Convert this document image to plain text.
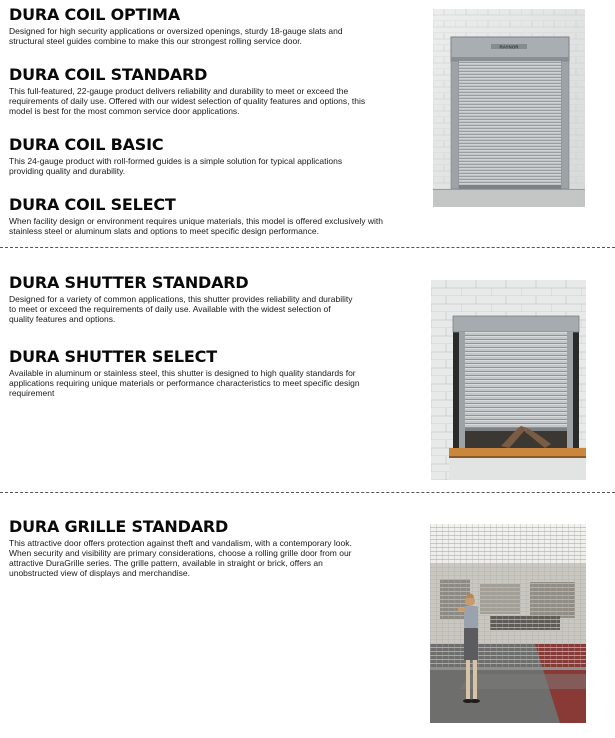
DURA COIL OPTIMA

Designed for high security applications or oversized openings, sturdy 18-gauge slats and structural steel guides combine to make this our strongest rolling service door.

DURA COIL STANDARD

This full-featured, 22-gauge product delivers reliability and durability to meet or exceed the requirements of daily use. Offered with our widest selection of quality features and options, this model is best for the most common service door applications.

DURA COIL BASIC

This 24-gauge product with roll-formed guides is a simple solution for typical applications providing quality and durability.

DURA COIL SELECT

When facility design or environment requires unique materials, this model is offered exclusively with stainless steel or aluminum slats and options to meet specific design performance.

RAYNOR
DURA SHUTTER STANDARD

Designed for a variety of common applications, this shutter provides reliability and durability to meet or exceed the requirements of daily use. Available with the widest selection of quality features and options.

DURA SHUTTER SELECT

Available in aluminum or stainless steel, this shutter is designed to high quality standards for applications requiring unique materials or performance characteristics to meet specific design requirement

DURA GRILLE STANDARD

This attractive door offers protection against theft and vandalism, with a contemporary look. When security and visibility are primary considerations, choose a rolling grille door from our attractive DuraGrille series. The grille pattern, available in straight or brick, offers an unobstructed view of displays and merchandise.
